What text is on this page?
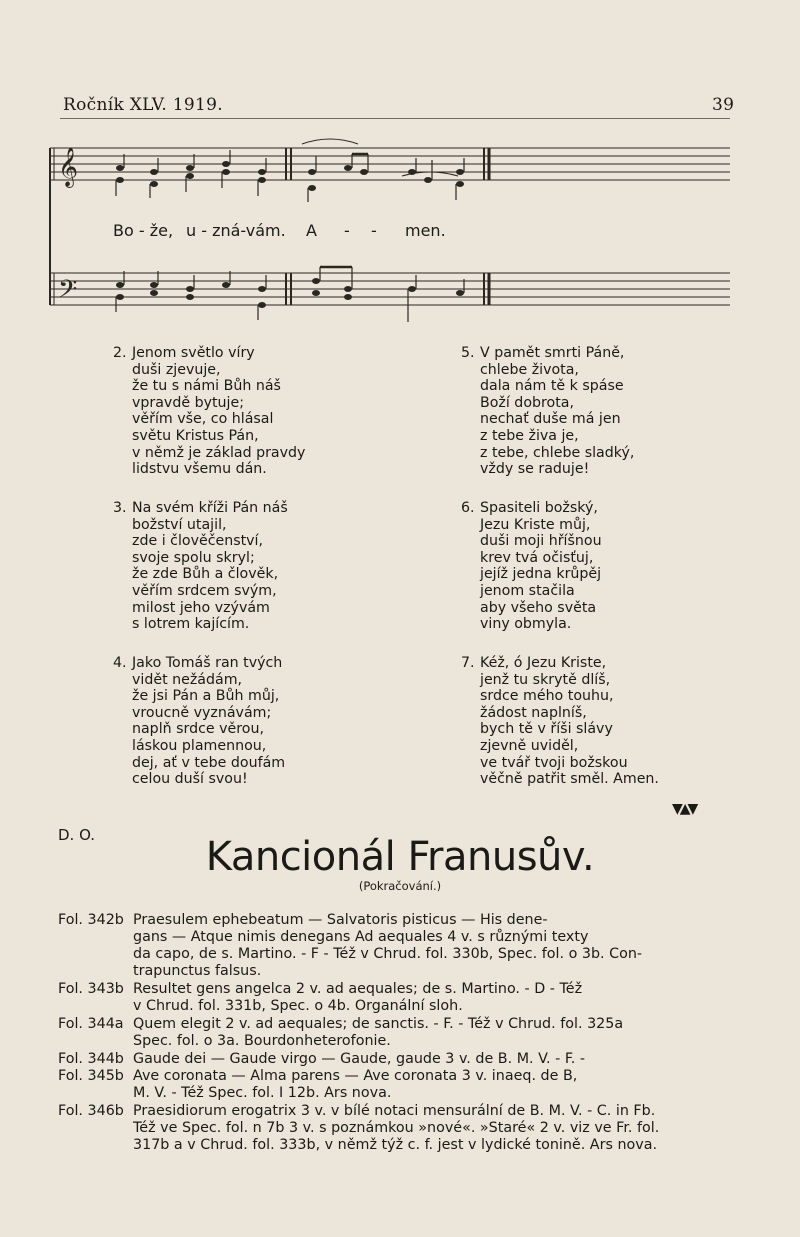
Ročník XLV. 1919.	39
𝄞
𝄢
Bo - že, u - zná-vám. A - - men.
2. Jenom světlo víry
duši zjevuje,
že tu s námi Bůh náš
vpravdě bytuje;
věřím vše, co hlásal
světu Kristus Pán,
v němž je základ pravdy
lidstvu všemu dán.
3. Na svém kříži Pán náš
božství utajil,
zde i člověčenství,
svoje spolu skryl;
že zde Bůh a člověk,
věřím srdcem svým,
milost jeho vzývám
s lotrem kajícím.
4. Jako Tomáš ran tvých
vidět nežádám,
že jsi Pán a Bůh můj,
vroucně vyznávám;
naplň srdce věrou,
láskou plamennou,
dej, ať v tebe doufám
celou duší svou!
5. V pamět smrti Páně,
chlebe života,
dala nám tě k spáse
Boží dobrota,
nechať duše má jen
z tebe živa je,
z tebe, chlebe sladký,
vždy se raduje!
6. Spasiteli božský,
Jezu Kriste můj,
duši moji hříšnou
krev tvá očisťuj,
jejíž jedna krůpěj
jenom stačila
aby všeho světa
viny obmyla.
7. Kéž, ó Jezu Kriste,
jenž tu skrytě dlíš,
srdce mého touhu,
žádost naplníš,
bych tě v říši slávy
zjevně uviděl,
ve tvář tvoji božskou
věčně patřit směl. Amen.
▼▲▼
D. O.	Kancionál Franusův.
(Pokračování.)
Fol. 342b Praesulem ephebeatum — Salvatoris pisticus — His dene-
gans — Atque nimis denegans Ad aequales 4 v. s různými texty
da capo, de s. Martino. - F - Též v Chrud. fol. 330b, Spec. fol. o 3b. Con-
trapunctus falsus.
Fol. 343b Resultet gens angelca 2 v. ad aequales; de s. Martino. - D - Též
v Chrud. fol. 331b, Spec. o 4b. Organální sloh.
Fol. 344a Quem elegit 2 v. ad aequales; de sanctis. - F. - Též v Chrud. fol. 325a
Spec. fol. o 3a. Bourdonheterofonie.
Fol. 344b Gaude dei — Gaude virgo — Gaude, gaude 3 v. de B. M. V. - F. -
Fol. 345b Ave coronata — Alma parens — Ave coronata 3 v. inaeq. de B,
M. V. - Též Spec. fol. I 12b. Ars nova.
Fol. 346b Praesidiorum erogatrix 3 v. v bílé notaci mensurální de B. M. V. - C. in Fb.
Též ve Spec. fol. n 7b 3 v. s poznámkou »nové«. »Staré« 2 v. viz ve Fr. fol.
317b a v Chrud. fol. 333b, v němž týž c. f. jest v lydické tonině. Ars nova.
